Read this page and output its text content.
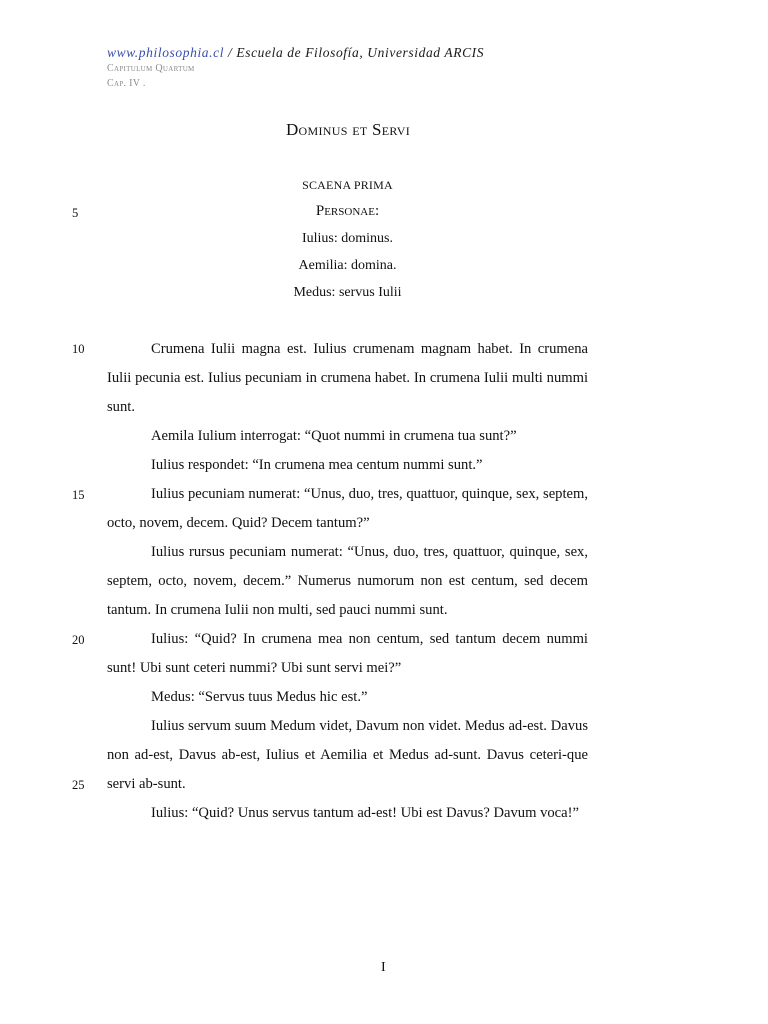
www.philosophia.cl / Escuela de Filosofía, Universidad ARCIS
Capitulum Quartum
Cap. IV .
Dominus et Servi
SCAENA PRIMA
Personae:
Iulius: dominus.
Aemilia: domina.
Medus: servus Iulii
5
10
15
20
25

Crumena Iulii magna est. Iulius crumenam magnam habet. In crumena Iulii pecunia est. Iulius pecuniam in crumena habet. In crumena Iulii multi nummi sunt.

Aemila Iulium interrogat: “Quot nummi in crumena tua sunt?”

Iulius respondet: “In crumena mea centum nummi sunt.”

Iulius pecuniam numerat: “Unus, duo, tres, quattuor, quinque, sex, septem, octo, novem, decem. Quid? Decem tantum?”

Iulius rursus pecuniam numerat: “Unus, duo, tres, quattuor, quinque, sex, septem, octo, novem, decem.” Numerus numorum non est centum, sed decem tantum. In crumena Iulii non multi, sed pauci nummi sunt.

Iulius: “Quid? In crumena mea non centum, sed tantum decem nummi sunt! Ubi sunt ceteri nummi? Ubi sunt servi mei?”

Medus: “Servus tuus Medus hic est.”

Iulius servum suum Medum videt, Davum non videt. Medus ad-est. Davus non ad-est, Davus ab-est, Iulius et Aemilia et Medus ad-sunt. Davus ceteri-que servi ab-sunt.

Iulius: “Quid? Unus servus tantum ad-est! Ubi est Davus? Davum voca!”

I
